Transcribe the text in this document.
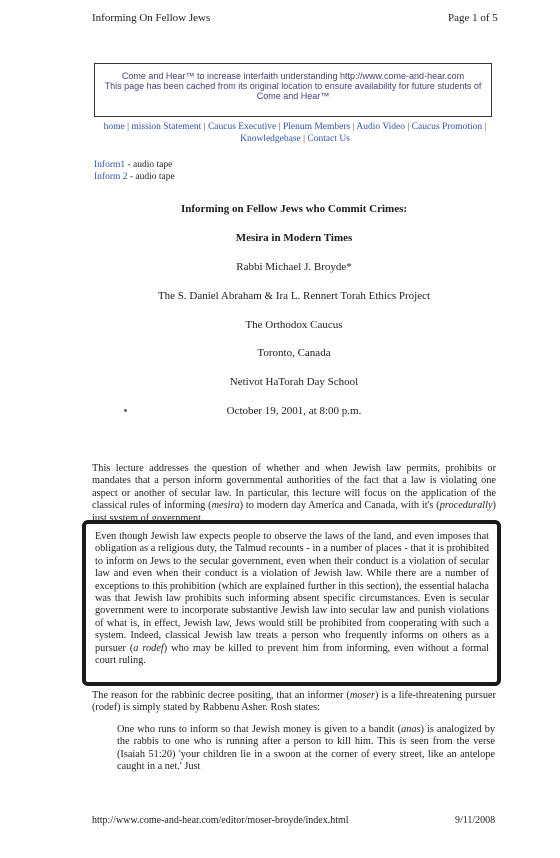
Informing On Fellow Jews	Page 1 of 5
Come and Hear™ to increase interfaith understanding http://www.come-and-hear.com
This page has been cached from its original location to ensure availability for future students of
Come and Hear™
home | mission Statement | Caucus Executive | Plenum Members | Audio Video | Caucus Promotion | Knowledgebase | Contact Us
Inform1 - audio tape
Inform 2 - audio tape
Informing on Fellow Jews who Commit Crimes:
Mesira in Modern Times
Rabbi Michael J. Broyde*
The S. Daniel Abraham & Ira L. Rennert Torah Ethics Project
The Orthodox Caucus
Toronto, Canada
Netivot HaTorah Day School
October 19, 2001, at 8:00 p.m.
This lecture addresses the question of whether and when Jewish law permits, prohibits or mandates that a person inform governmental authorities of the fact that a law is violating one aspect or another of secular law. In particular, this lecture will focus on the application of the classical rules of informing (mesira) to modern day America and Canada, with it's (procedurally) just system of government.
Even though Jewish law expects people to observe the laws of the land, and even imposes that obligation as a religious duty, the Talmud recounts - in a number of places - that it is prohibited to inform on Jews to the secular government, even when their conduct is a violation of secular law and even when their conduct is a violation of Jewish law. While there are a number of exceptions to this prohibition (which are explained further in this section), the essential halacha was that Jewish law prohibits such informing absent specific circumstances. Even is secular government were to incorporate substantive Jewish law into secular law and punish violations of what is, in effect, Jewish law, Jews would still be prohibited from cooperating with such a system. Indeed, classical Jewish law treats a person who frequently informs on others as a pursuer (a rodef) who may be killed to prevent him from informing, even without a formal court ruling.
The reason for the rabbinic decree positing, that an informer (moser) is a life-threatening pursuer (rodef) is simply stated by Rabbenu Asher. Rosh states:
One who runs to inform so that Jewish money is given to a bandit (anas) is analogized by the rabbis to one who is running after a person to kill him. This is seen from the verse (Isaiah 51:20) 'your children lie in a swoon at the corner of every street, like an antelope caught in a net.' Just
http://www.come-and-hear.com/editor/moser-broyde/index.html	9/11/2008
